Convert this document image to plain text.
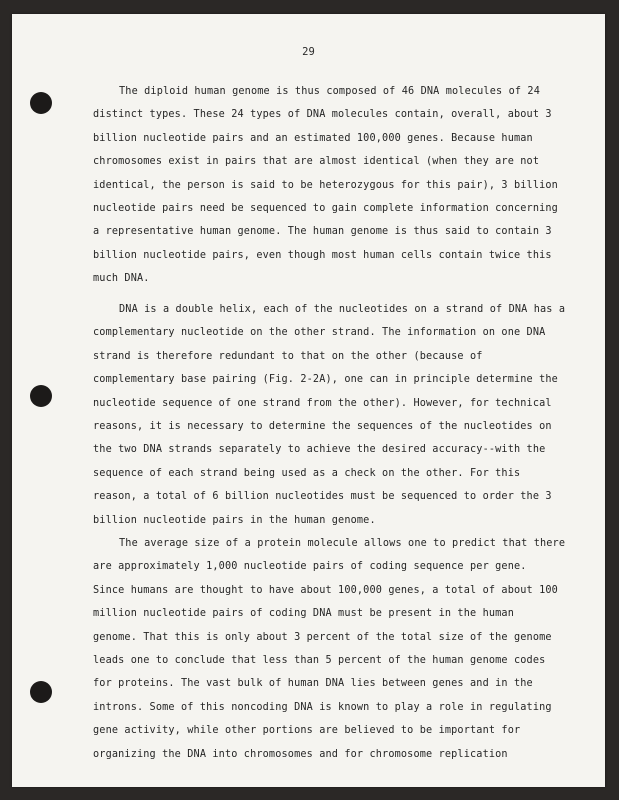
29
The diploid human genome is thus composed of 46 DNA molecules of 24
distinct types. These 24 types of DNA molecules contain, overall, about 3
billion nucleotide pairs and an estimated 100,000 genes. Because human
chromosomes exist in pairs that are almost identical (when they are not
identical, the person is said to be heterozygous for this pair), 3 billion
nucleotide pairs need be sequenced to gain complete information concerning
a representative human genome. The human genome is thus said to contain 3
billion nucleotide pairs, even though most human cells contain twice this
much DNA.
DNA is a double helix, each of the nucleotides on a strand of DNA has a
complementary nucleotide on the other strand. The information on one DNA
strand is therefore redundant to that on the other (because of
complementary base pairing (Fig. 2-2A), one can in principle determine the
nucleotide sequence of one strand from the other). However, for technical
reasons, it is necessary to determine the sequences of the nucleotides on
the two DNA strands separately to achieve the desired accuracy--with the
sequence of each strand being used as a check on the other. For this
reason, a total of 6 billion nucleotides must be sequenced to order the 3
billion nucleotide pairs in the human genome.
The average size of a protein molecule allows one to predict that there
are approximately 1,000 nucleotide pairs of coding sequence per gene.
Since humans are thought to have about 100,000 genes, a total of about 100
million nucleotide pairs of coding DNA must be present in the human
genome. That this is only about 3 percent of the total size of the genome
leads one to conclude that less than 5 percent of the human genome codes
for proteins. The vast bulk of human DNA lies between genes and in the
introns. Some of this noncoding DNA is known to play a role in regulating
gene activity, while other portions are believed to be important for
organizing the DNA into chromosomes and for chromosome replication
